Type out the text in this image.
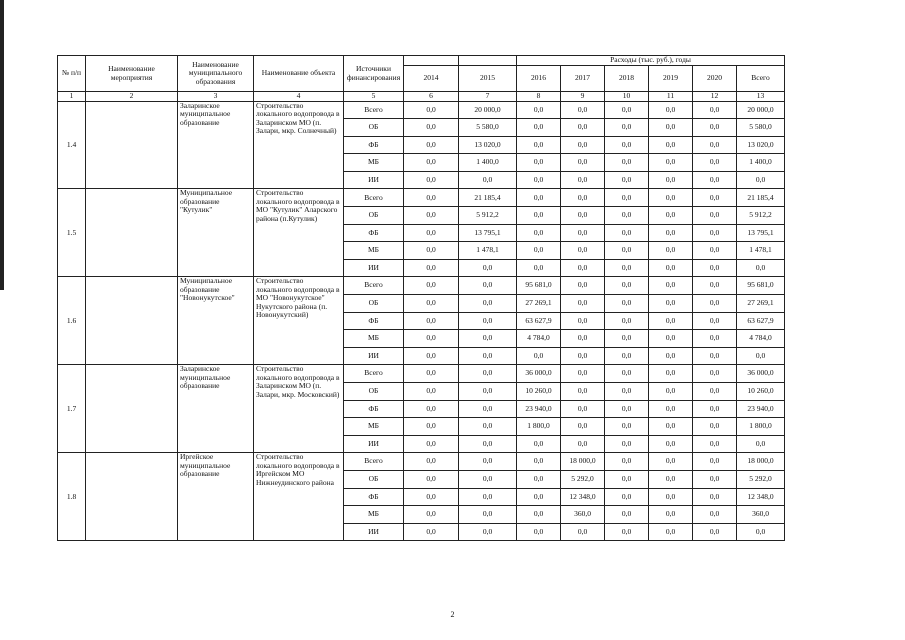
№ п/п	Наименование мероприятия	Наименование муниципального образования	Наименование объекта	Источники финансирования			Расходы (тыс. руб.), годы					
					2014	2015	2016	2017	2018	2019	2020	Всего
1	2	3	4	5	6	7	8	9	10	11	12	13
1.4		Заларинское муниципальное образование	Строительство локального водопровода в Заларинском МО (п. Залари, мкр. Солнечный)	Всего	0,0	20 000,0	0,0	0,0	0,0	0,0	0,0	20 000,0
				ОБ	0,0	5 580,0	0,0	0,0	0,0	0,0	0,0	5 580,0
				ФБ	0,0	13 020,0	0,0	0,0	0,0	0,0	0,0	13 020,0
				МБ	0,0	1 400,0	0,0	0,0	0,0	0,0	0,0	1 400,0
				ИИ	0,0	0,0	0,0	0,0	0,0	0,0	0,0	0,0
1.5		Муниципальное образование "Кутулик"	Строительство локального водопровода в МО "Кутулик" Аларского района (п.Кутулик)	Всего	0,0	21 185,4	0,0	0,0	0,0	0,0	0,0	21 185,4
				ОБ	0,0	5 912,2	0,0	0,0	0,0	0,0	0,0	5 912,2
				ФБ	0,0	13 795,1	0,0	0,0	0,0	0,0	0,0	13 795,1
				МБ	0,0	1 478,1	0,0	0,0	0,0	0,0	0,0	1 478,1
				ИИ	0,0	0,0	0,0	0,0	0,0	0,0	0,0	0,0
1.6		Муниципальное образование "Новонукутское"	Строительство локального водопровода в МО "Новонукутское" Нукутского района (п. Новонукутский)	Всего	0,0	0,0	95 681,0	0,0	0,0	0,0	0,0	95 681,0
				ОБ	0,0	0,0	27 269,1	0,0	0,0	0,0	0,0	27 269,1
				ФБ	0,0	0,0	63 627,9	0,0	0,0	0,0	0,0	63 627,9
				МБ	0,0	0,0	4 784,0	0,0	0,0	0,0	0,0	4 784,0
				ИИ	0,0	0,0	0,0	0,0	0,0	0,0	0,0	0,0
1.7		Заларинское муниципальное образование	Строительство локального водопровода в Заларинском МО (п. Залари, мкр. Московский)	Всего	0,0	0,0	36 000,0	0,0	0,0	0,0	0,0	36 000,0
				ОБ	0,0	0,0	10 260,0	0,0	0,0	0,0	0,0	10 260,0
				ФБ	0,0	0,0	23 940,0	0,0	0,0	0,0	0,0	23 940,0
				МБ	0,0	0,0	1 800,0	0,0	0,0	0,0	0,0	1 800,0
				ИИ	0,0	0,0	0,0	0,0	0,0	0,0	0,0	0,0
1.8		Иргейское муниципальное образование	Строительство локального водопровода в Иргейском МО Нижнеудинского района	Всего	0,0	0,0	0,0	18 000,0	0,0	0,0	0,0	18 000,0
				ОБ	0,0	0,0	0,0	5 292,0	0,0	0,0	0,0	5 292,0
				ФБ	0,0	0,0	0,0	12 348,0	0,0	0,0	0,0	12 348,0
				МБ	0,0	0,0	0,0	360,0	0,0	0,0	0,0	360,0
				ИИ	0,0	0,0	0,0	0,0	0,0	0,0	0,0	0,0
2
